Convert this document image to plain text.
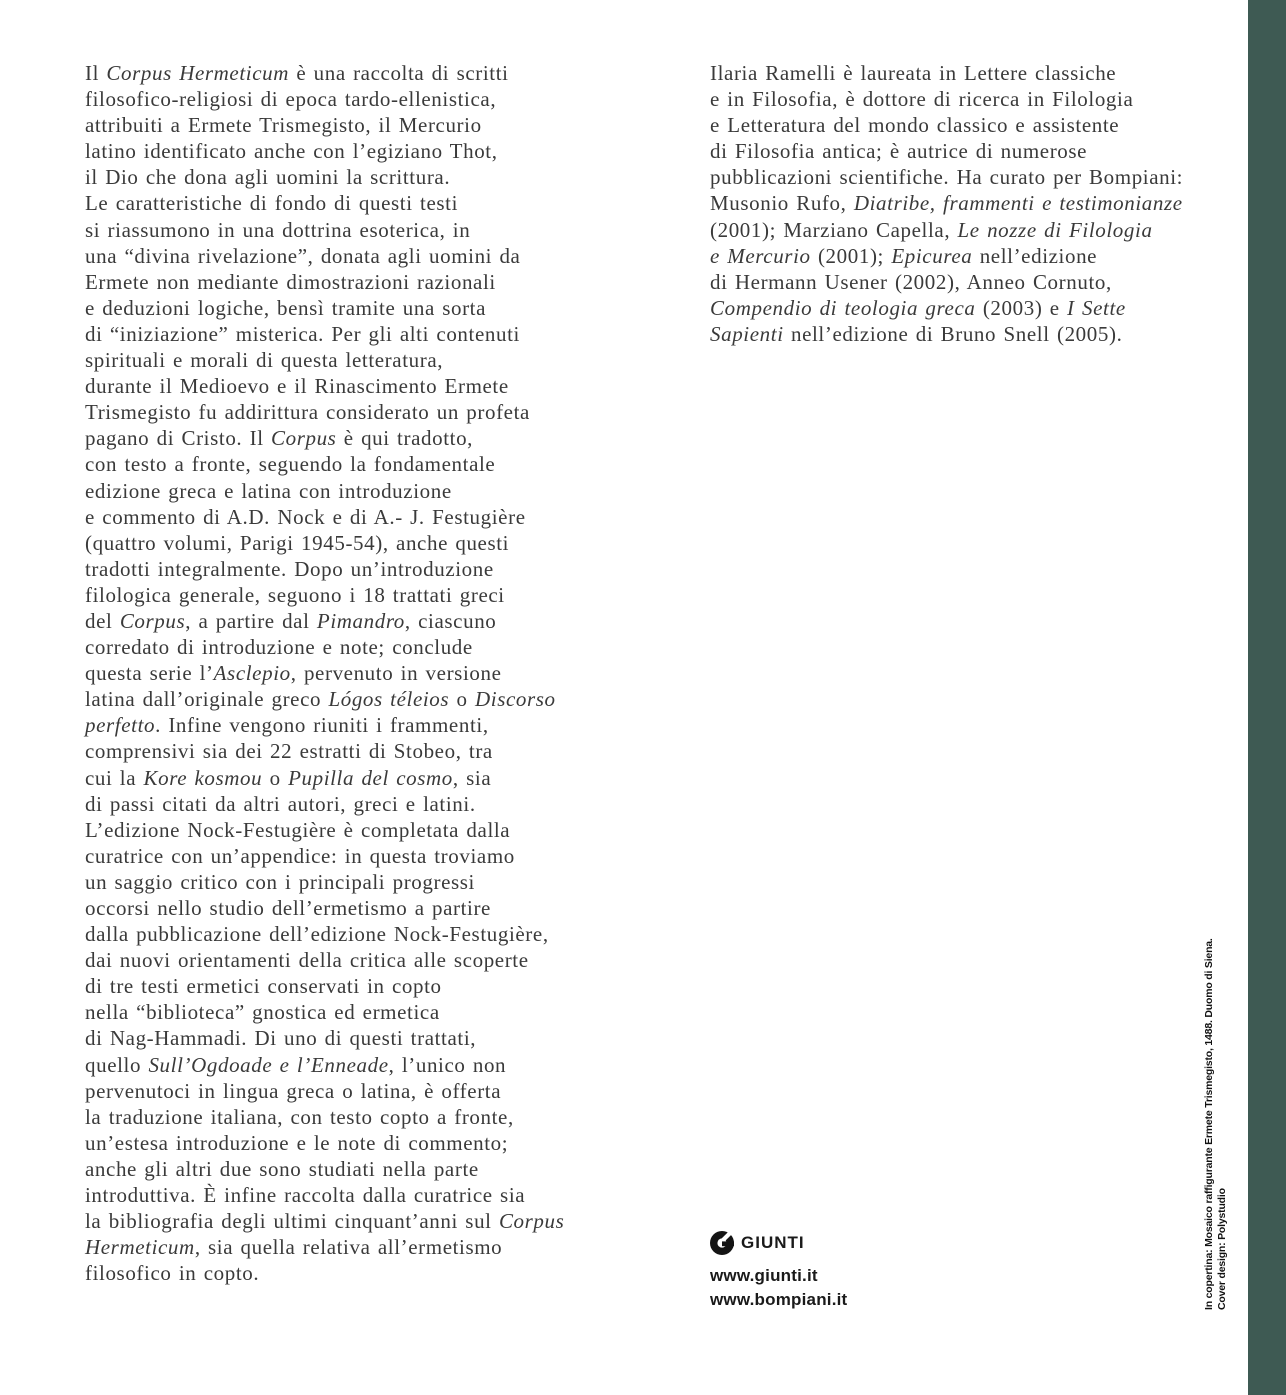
Il Corpus Hermeticum è una raccolta di scritti
filosofico-religiosi di epoca tardo-ellenistica,
attribuiti a Ermete Trismegisto, il Mercurio
latino identificato anche con l’egiziano Thot,
il Dio che dona agli uomini la scrittura.
Le caratteristiche di fondo di questi testi
si riassumono in una dottrina esoterica, in
una “divina rivelazione”, donata agli uomini da
Ermete non mediante dimostrazioni razionali
e deduzioni logiche, bensì tramite una sorta
di “iniziazione” misterica. Per gli alti contenuti
spirituali e morali di questa letteratura,
durante il Medioevo e il Rinascimento Ermete
Trismegisto fu addirittura considerato un profeta
pagano di Cristo. Il Corpus è qui tradotto,
con testo a fronte, seguendo la fondamentale
edizione greca e latina con introduzione
e commento di A.D. Nock e di A.- J. Festugière
(quattro volumi, Parigi 1945-54), anche questi
tradotti integralmente. Dopo un’introduzione
filologica generale, seguono i 18 trattati greci
del Corpus, a partire dal Pimandro, ciascuno
corredato di introduzione e note; conclude
questa serie l’Asclepio, pervenuto in versione
latina dall’originale greco Lógos téleios o Discorso
perfetto. Infine vengono riuniti i frammenti,
comprensivi sia dei 22 estratti di Stobeo, tra
cui la Kore kosmou o Pupilla del cosmo, sia
di passi citati da altri autori, greci e latini.
L’edizione Nock-Festugière è completata dalla
curatrice con un’appendice: in questa troviamo
un saggio critico con i principali progressi
occorsi nello studio dell’ermetismo a partire
dalla pubblicazione dell’edizione Nock-Festugière,
dai nuovi orientamenti della critica alle scoperte
di tre testi ermetici conservati in copto
nella “biblioteca” gnostica ed ermetica
di Nag-Hammadi. Di uno di questi trattati,
quello Sull’Ogdoade e l’Enneade, l’unico non
pervenutoci in lingua greca o latina, è offerta
la traduzione italiana, con testo copto a fronte,
un’estesa introduzione e le note di commento;
anche gli altri due sono studiati nella parte
introduttiva. È infine raccolta dalla curatrice sia
la bibliografia degli ultimi cinquant’anni sul Corpus
Hermeticum, sia quella relativa all’ermetismo
filosofico in copto.
Ilaria Ramelli è laureata in Lettere classiche
e in Filosofia, è dottore di ricerca in Filologia
e Letteratura del mondo classico e assistente
di Filosofia antica; è autrice di numerose
pubblicazioni scientifiche. Ha curato per Bompiani:
Musonio Rufo, Diatribe, frammenti e testimonianze
(2001); Marziano Capella, Le nozze di Filologia
e Mercurio (2001); Epicurea nell’edizione
di Hermann Usener (2002), Anneo Cornuto,
Compendio di teologia greca (2003) e I Sette
Sapienti nell’edizione di Bruno Snell (2005).
GIUNTI
www.giunti.it
www.bompiani.it	In copertina: Mosaico raffigurante Ermete Trismegisto, 1488. Duomo di Siena. Cover design: Polystudio
